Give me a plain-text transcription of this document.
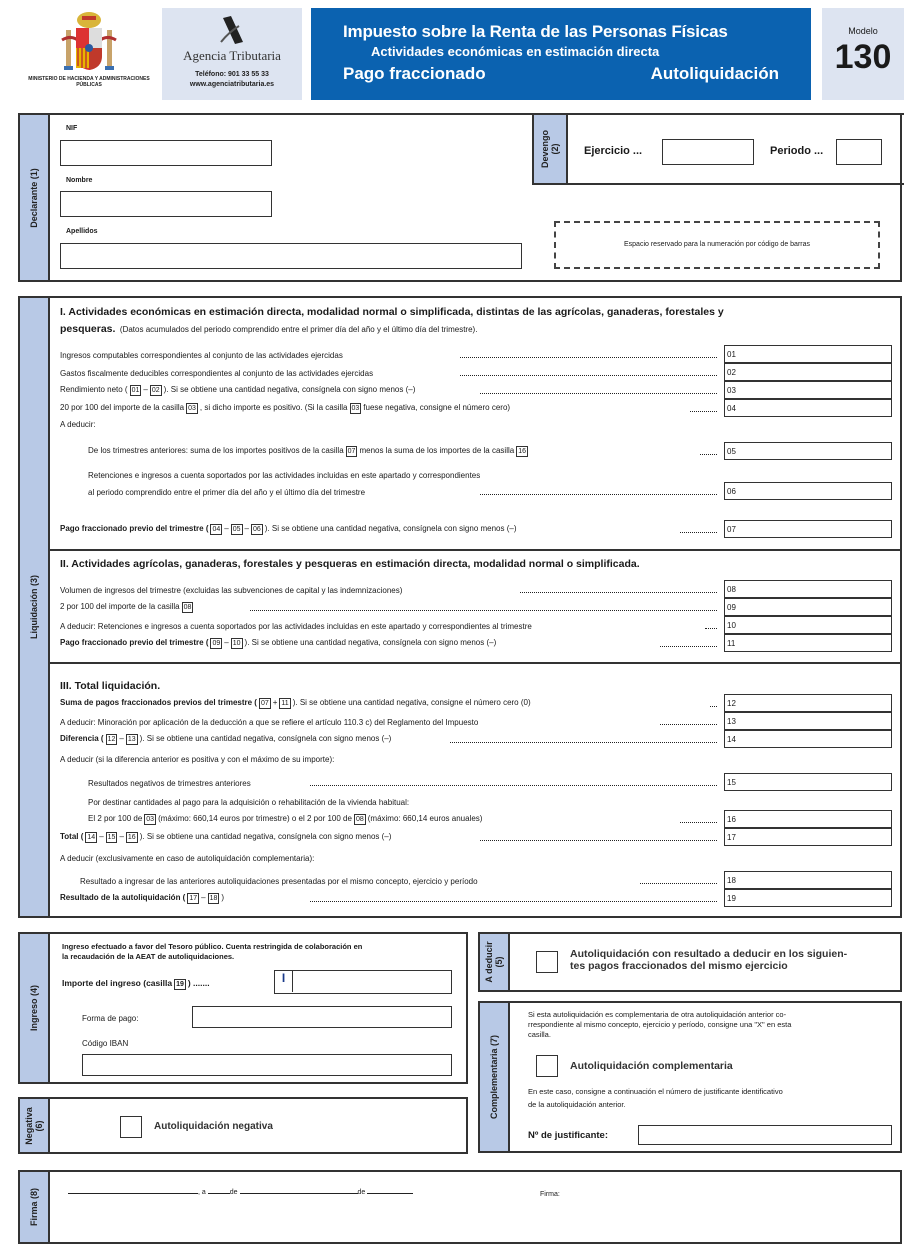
MINISTERIO DE HACIENDA Y ADMINISTRACIONES PÚBLICAS
Agencia Tributaria
Teléfono: 901 33 55 33
www.agenciatributaria.es
Impuesto sobre la Renta de las Personas Físicas
Actividades económicas en estimación directa
Pago fraccionado	Autoliquidación
Modelo
130
Declarante (1)
NIF
Nombre
Apellidos
Devengo (2) Ejercicio ...	Periodo ...
Espacio reservado para la numeración por código de barras
Liquidación (3)
I. Actividades económicas en estimación directa, modalidad normal o simplificada, distintas de las agrícolas, ganaderas, forestales y
pesqueras. (Datos acumulados del periodo comprendido entre el primer día del año y el último día del trimestre).
Ingresos computables correspondientes al conjunto de las actividades ejercidas	01
Gastos fiscalmente deducibles correspondientes al conjunto de las actividades ejercidas	02
Rendimiento neto ( 01 – 02 ). Si se obtiene una cantidad negativa, consígnela con signo menos (–)	03
20 por 100 del importe de la casilla 03 , si dicho importe es positivo. (Si la casilla 03 fuese negativa, consigne el número cero)	04
A deducir:
De los trimestres anteriores: suma de los importes positivos de la casilla 07 menos la suma de los importes de la casilla 16	05
Retenciones e ingresos a cuenta soportados por las actividades incluidas en este apartado y correspondientes
al periodo comprendido entre el primer día del año y el último día del trimestre	06
Pago fraccionado previo del trimestre ( 04 – 05 – 06 ). Si se obtiene una cantidad negativa, consígnela con signo menos (–)	07
II. Actividades agrícolas, ganaderas, forestales y pesqueras en estimación directa, modalidad normal o simplificada.
Volumen de ingresos del trimestre (excluidas las subvenciones de capital y las indemnizaciones)	08
2 por 100 del importe de la casilla 08	09
A deducir: Retenciones e ingresos a cuenta soportados por las actividades incluidas en este apartado y correspondientes al trimestre	10
Pago fraccionado previo del trimestre ( 09 – 10 ). Si se obtiene una cantidad negativa, consígnela con signo menos (–)	11
III. Total liquidación.
Suma de pagos fraccionados previos del trimestre ( 07 + 11 ). Si se obtiene una cantidad negativa, consigne el número cero (0)	12
A deducir: Minoración por aplicación de la deducción a que se refiere el artículo 110.3 c) del Reglamento del Impuesto	13
Diferencia ( 12 – 13 ). Si se obtiene una cantidad negativa, consígnela con signo menos (–)	14
A deducir (si la diferencia anterior es positiva y con el máximo de su importe):
Resultados negativos de trimestres anteriores	15
Por destinar cantidades al pago para la adquisición o rehabilitación de la vivienda habitual:
El 2 por 100 de 03 (máximo: 660,14 euros por trimestre) o el 2 por 100 de 08 (máximo: 660,14 euros anuales)	16
Total ( 14 – 15 – 16 ). Si se obtiene una cantidad negativa, consígnela con signo menos (–)	17
A deducir (exclusivamente en caso de autoliquidación complementaria):
Resultado a ingresar de las anteriores autoliquidaciones presentadas por el mismo concepto, ejercicio y período	18
Resultado de la autoliquidación ( 17 – 18 )	19
Ingreso (4)
Ingreso efectuado a favor del Tesoro público. Cuenta restringida de colaboración en
la recaudación de la AEAT de autoliquidaciones.
Importe del ingreso (casilla 19 ) .......	I
Forma de pago:
Código IBAN
A deducir (5)
Autoliquidación con resultado a deducir en los siguien-
tes pagos fraccionados del mismo ejercicio
Complementaria (7)
Si esta autoliquidación es complementaria de otra autoliquidación anterior co-
rrespondiente al mismo concepto, ejercicio y período, consigne una "X" en esta
casilla.
Autoliquidación complementaria
En este caso, consigne a continuación el número de justificante identificativo
de la autoliquidación anterior.
Nº de justificante:
Negativa (6)	Autoliquidación negativa
Firma (8)	, a	de	de	Firma:
